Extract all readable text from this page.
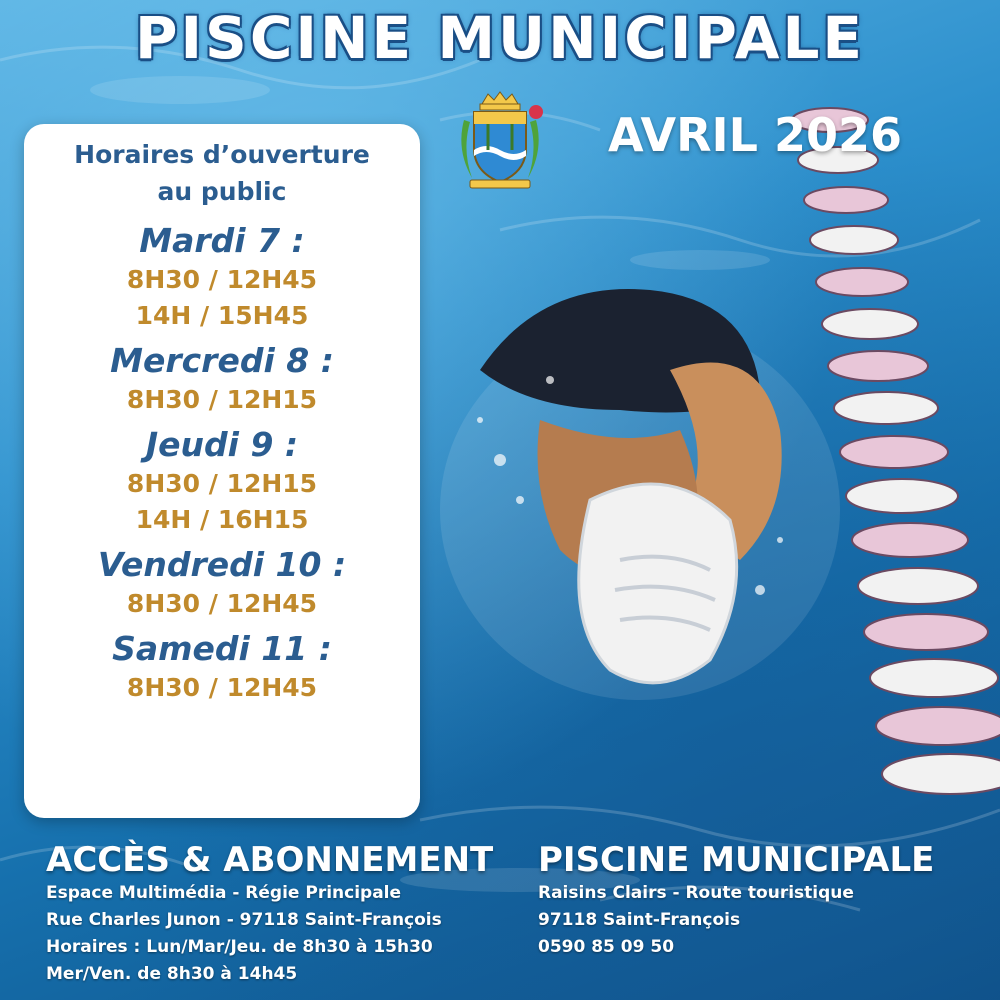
PISCINE MUNICIPALE
AVRIL 2026

Horaires d’ouverture
au public

Mardi 7 :

8H30 / 12H45

14H / 15H45

Mercredi 8 :

8H30 / 12H15

Jeudi 9 :

8H30 / 12H15

14H / 16H15

Vendredi 10 :

8H30 / 12H45

Samedi 11 :

8H30 / 12H45

ACCÈS & ABONNEMENT

Espace Multimédia - Régie Principale

Rue Charles Junon - 97118 Saint-François

Horaires : Lun/Mar/Jeu. de 8h30 à 15h30

Mer/Ven. de 8h30 à 14h45

PISCINE MUNICIPALE

Raisins Clairs - Route touristique

97118 Saint-François

0590 85 09 50
